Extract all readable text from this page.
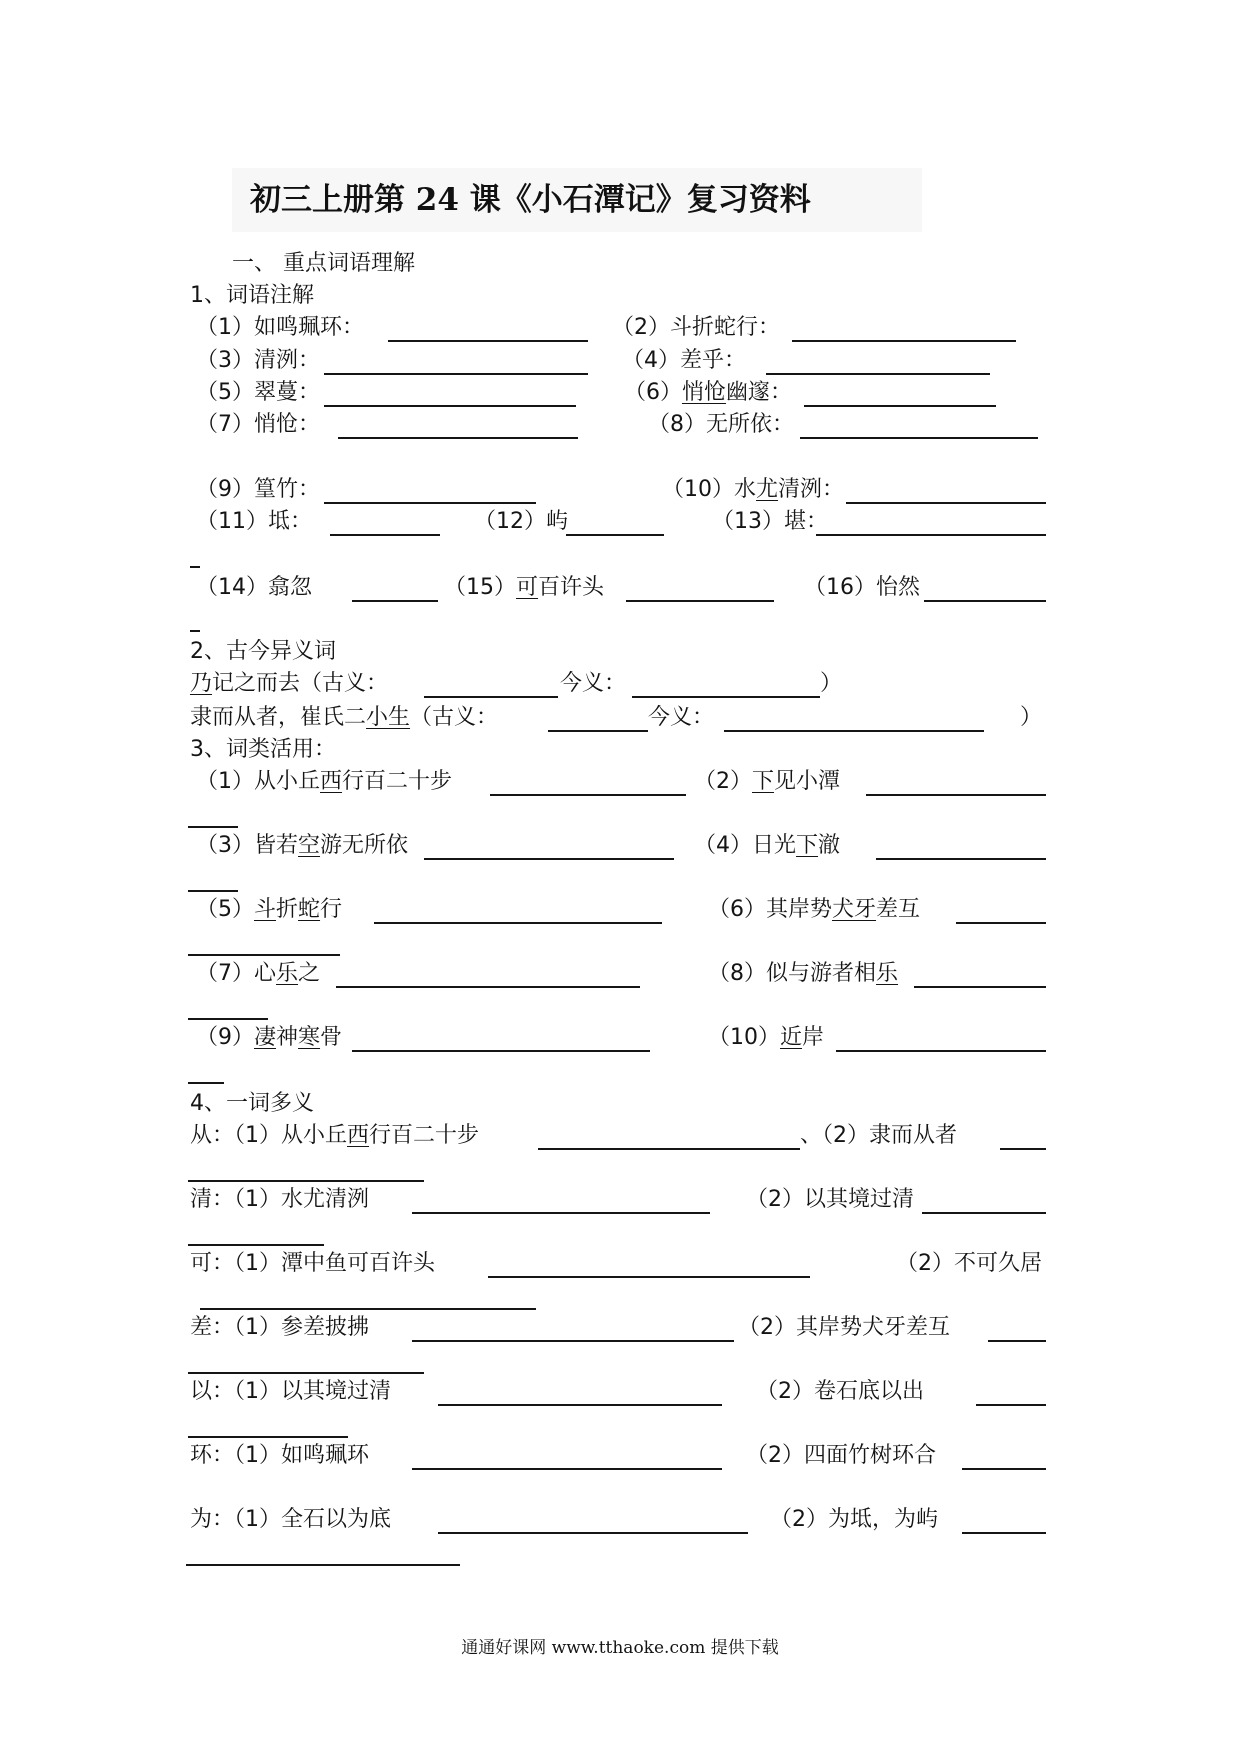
初三上册第 24 课《小石潭记》复习资料
一、 重点词语理解
1、词语注解
（1）如鸣珮环：	（2）斗折蛇行：
（3）清洌：	（4）差乎：
（5）翠蔓：	（6）悄怆幽邃：
（7）悄怆：	（8）无所依：
（9）篁竹：	（10）水尤清洌：
（11）坻：	（12）屿	（13）堪：
（14）翕忽	（15）可百许头	（16）怡然
2、古今异义词
乃记之而去（古义：	今义：	）
隶而从者，崔氏二小生（古义：	今义：	）
3、词类活用：
（1）从小丘西行百二十步	（2）下见小潭
（3）皆若空游无所依	（4）日光下澈
（5）斗折蛇行	（6）其岸势犬牙差互
（7）心乐之	（8）似与游者相乐
（9）凄神寒骨	（10）近岸
4、一词多义
从：（1）从小丘西行百二十步	、（2）隶而从者
清：（1）水尤清洌	（2）以其境过清
可：（1）潭中鱼可百许头	（2）不可久居
差：（1）参差披拂	（2）其岸势犬牙差互
以：（1）以其境过清	（2）卷石底以出
环：（1）如鸣珮环	（2）四面竹树环合
为：（1）全石以为底	（2）为坻，为屿
通通好课网 www.tthaoke.com 提供下载
